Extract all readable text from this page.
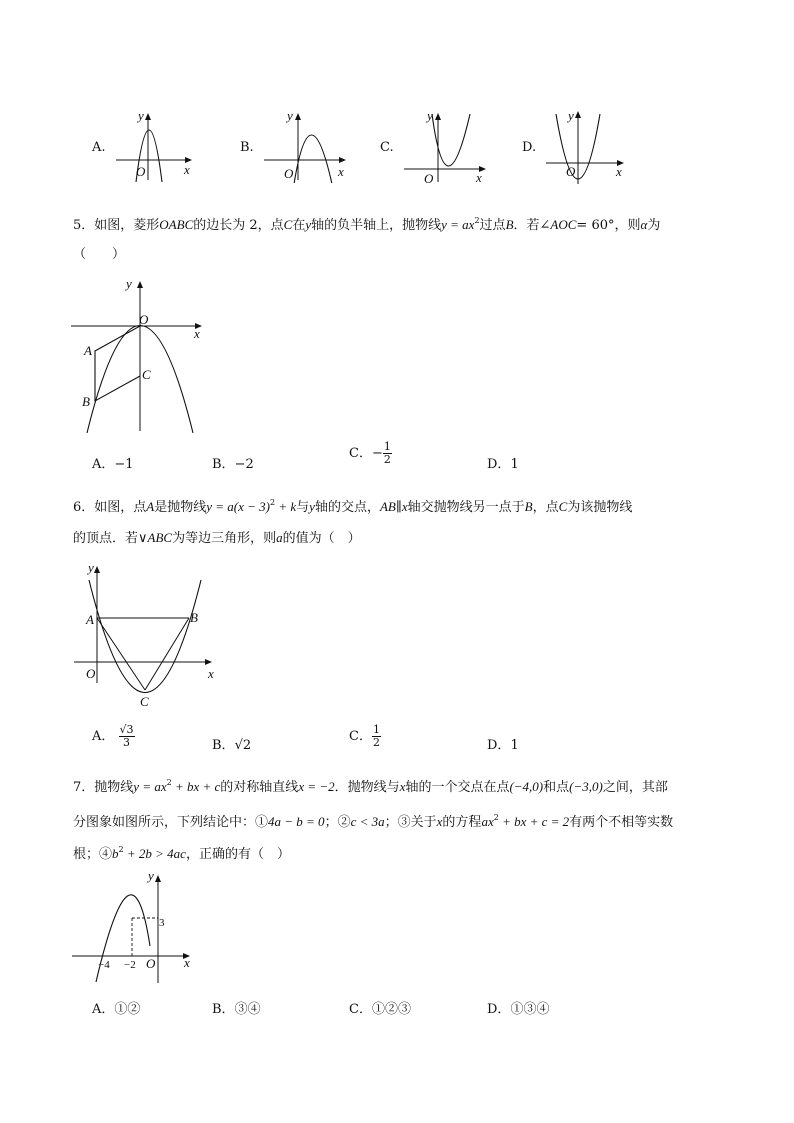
A.
y
x
O
B.
y
x
O
C.
y
x
O
D.
y
x
O
5．如图，菱形OABC的边长为 2，点C在y轴的负半轴上，抛物线$y = ax^2$过点B．若∠AOC= 60°，则α为
（　　）
y
x
O
A
B
C
A．−1	B．−2
C．− $\frac{1}{2}$	D．1
6．如图，点A是抛物线$y = a(x - 3)^2 + k$与y轴的交点，AB∥x轴交抛物线另一点于B，点C为该抛物线
的顶点．若∨ABC为等边三角形，则a的值为（　）
y
x
O
A	B
C
A． $\frac{√3}{3}$	B．√2
C． $\frac{1}{2}$	D．1
7．抛物线$y = ax^2$ + bx + c的对称轴直线x = −2．抛物线与x轴的一个交点在点(−4,0)和点(−3,0)之间，其部
分图象如图所示，下列结论中：①4a − b = 0；②c < 3a；③关于x的方程$ax^2$ + bx + c = 2有两个不相等实数
根；$④b^2 + 2b > 4ac$，正确的有（　）
y
x
O
3
−4 −2
A．①②	B．③④	C．①②③	D．①③④
